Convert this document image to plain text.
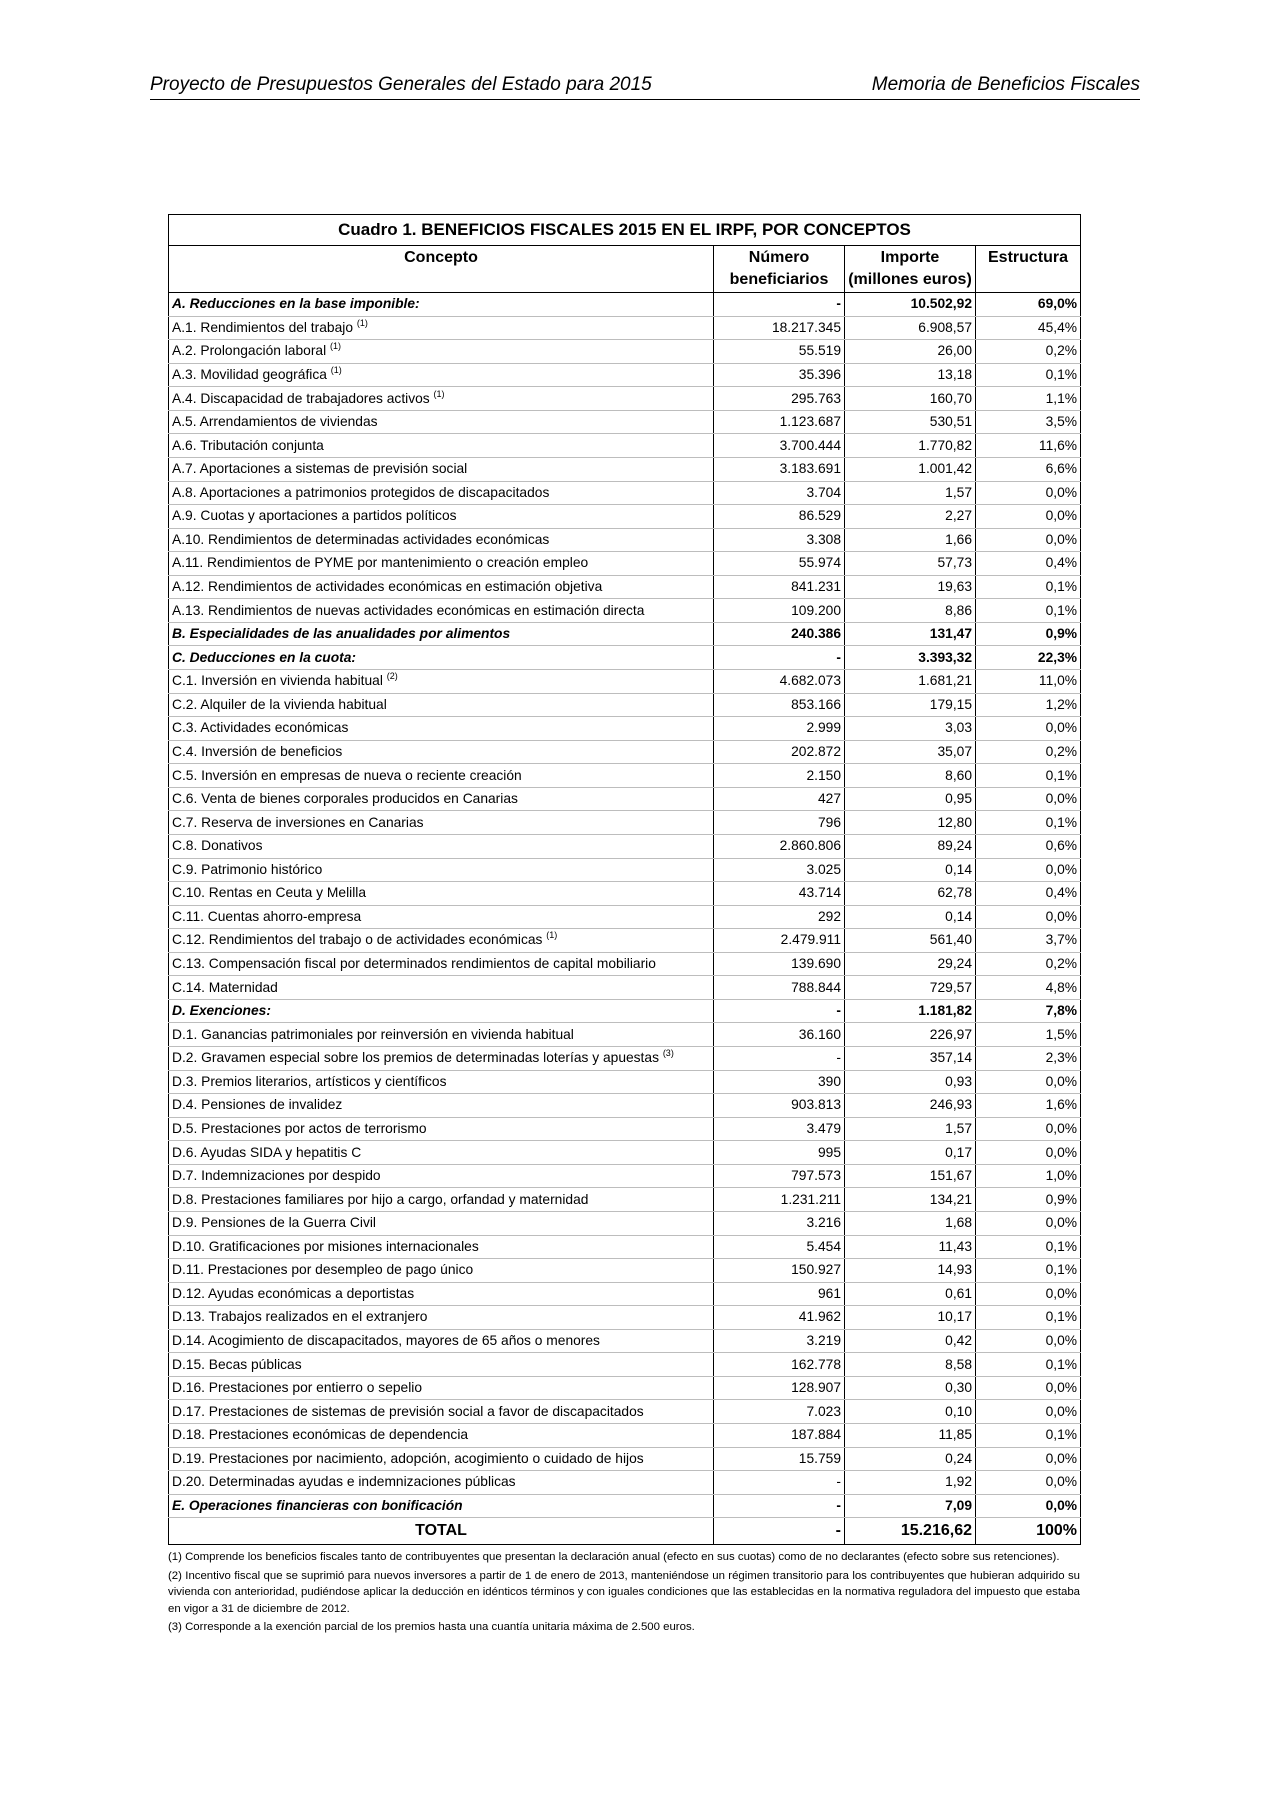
Proyecto de Presupuestos Generales del Estado para 2015	Memoria de Beneficios Fiscales
Cuadro 1. BENEFICIOS FISCALES 2015 EN EL IRPF, POR CONCEPTOS			
Concepto	Número beneficiarios	Importe (millones euros)	Estructura
A. Reducciones en la base imponible:	-	10.502,92	69,0%
A.1. Rendimientos del trabajo $^{(1)}$	18.217.345	6.908,57	45,4%
A.2. Prolongación laboral $^{(1)}$	55.519	26,00	0,2%
A.3. Movilidad geográfica $^{(1)}$	35.396	13,18	0,1%
A.4. Discapacidad de trabajadores activos $^{(1)}$	295.763	160,70	1,1%
A.5. Arrendamientos de viviendas	1.123.687	530,51	3,5%
A.6. Tributación conjunta	3.700.444	1.770,82	11,6%
A.7. Aportaciones a sistemas de previsión social	3.183.691	1.001,42	6,6%
A.8. Aportaciones a patrimonios protegidos de discapacitados	3.704	1,57	0,0%
A.9. Cuotas y aportaciones a partidos políticos	86.529	2,27	0,0%
A.10. Rendimientos de determinadas actividades económicas	3.308	1,66	0,0%
A.11. Rendimientos de PYME por mantenimiento o creación empleo	55.974	57,73	0,4%
A.12. Rendimientos de actividades económicas en estimación objetiva	841.231	19,63	0,1%
A.13. Rendimientos de nuevas actividades económicas en estimación directa	109.200	8,86	0,1%
B. Especialidades de las anualidades por alimentos	240.386	131,47	0,9%
C. Deducciones en la cuota:	-	3.393,32	22,3%
C.1. Inversión en vivienda habitual $^{(2)}$	4.682.073	1.681,21	11,0%
C.2. Alquiler de la vivienda habitual	853.166	179,15	1,2%
C.3. Actividades económicas	2.999	3,03	0,0%
C.4. Inversión de beneficios	202.872	35,07	0,2%
C.5. Inversión en empresas de nueva o reciente creación	2.150	8,60	0,1%
C.6. Venta de bienes corporales producidos en Canarias	427	0,95	0,0%
C.7. Reserva de inversiones en Canarias	796	12,80	0,1%
C.8. Donativos	2.860.806	89,24	0,6%
C.9. Patrimonio histórico	3.025	0,14	0,0%
C.10. Rentas en Ceuta y Melilla	43.714	62,78	0,4%
C.11. Cuentas ahorro-empresa	292	0,14	0,0%
C.12. Rendimientos del trabajo o de actividades económicas $^{(1)}$	2.479.911	561,40	3,7%
C.13. Compensación fiscal por determinados rendimientos de capital mobiliario	139.690	29,24	0,2%
C.14. Maternidad	788.844	729,57	4,8%
D. Exenciones:	-	1.181,82	7,8%
D.1. Ganancias patrimoniales por reinversión en vivienda habitual	36.160	226,97	1,5%
D.2. Gravamen especial sobre los premios de determinadas loterías y apuestas $^{(3)}$	-	357,14	2,3%
D.3. Premios literarios, artísticos y científicos	390	0,93	0,0%
D.4. Pensiones de invalidez	903.813	246,93	1,6%
D.5. Prestaciones por actos de terrorismo	3.479	1,57	0,0%
D.6. Ayudas SIDA y hepatitis C	995	0,17	0,0%
D.7. Indemnizaciones por despido	797.573	151,67	1,0%
D.8. Prestaciones familiares por hijo a cargo, orfandad y maternidad	1.231.211	134,21	0,9%
D.9. Pensiones de la Guerra Civil	3.216	1,68	0,0%
D.10. Gratificaciones por misiones internacionales	5.454	11,43	0,1%
D.11. Prestaciones por desempleo de pago único	150.927	14,93	0,1%
D.12. Ayudas económicas a deportistas	961	0,61	0,0%
D.13. Trabajos realizados en el extranjero	41.962	10,17	0,1%
D.14. Acogimiento de discapacitados, mayores de 65 años o menores	3.219	0,42	0,0%
D.15. Becas públicas	162.778	8,58	0,1%
D.16. Prestaciones por entierro o sepelio	128.907	0,30	0,0%
D.17. Prestaciones de sistemas de previsión social a favor de discapacitados	7.023	0,10	0,0%
D.18. Prestaciones económicas de dependencia	187.884	11,85	0,1%
D.19. Prestaciones por nacimiento, adopción, acogimiento o cuidado de hijos	15.759	0,24	0,0%
D.20. Determinadas ayudas e indemnizaciones públicas	-	1,92	0,0%
E. Operaciones financieras con bonificación	-	7,09	0,0%
TOTAL	-	15.216,62	100%

(1) Comprende los beneficios fiscales tanto de contribuyentes que presentan la declaración anual (efecto en sus cuotas) como de no declarantes (efecto sobre sus retenciones).

(2) Incentivo fiscal que se suprimió para nuevos inversores a partir de 1 de enero de 2013, manteniéndose un régimen transitorio para los contribuyentes que hubieran adquirido su vivienda con anterioridad, pudiéndose aplicar la deducción en idénticos términos y con iguales condiciones que las establecidas en la normativa reguladora del impuesto que estaba en vigor a 31 de diciembre de 2012.

(3) Corresponde a la exención parcial de los premios hasta una cuantía unitaria máxima de 2.500 euros.
